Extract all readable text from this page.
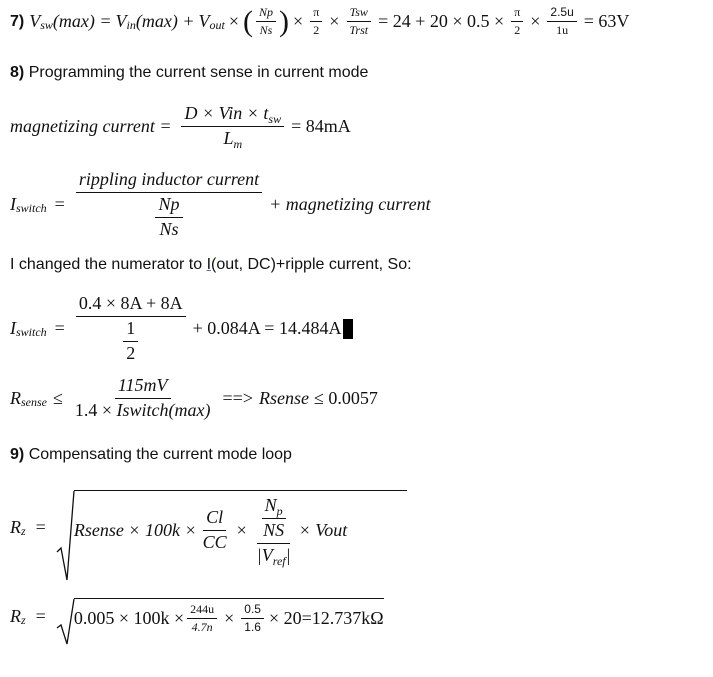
7) V sw (max) = V in (max) + V out × ( $\frac{Np}{Ns}$ ) × $\frac{\pi}{2} \times \frac{\text{Tsw}}{\text{Trst}} = 24 + 20 \times 0.5 \times \frac{\pi}{2} \times \frac{2.5u}{1u} = 63V$
8) Programming the current sense in current mode
magnetizing current = $\frac{D \times Vin \times t_{sw}}{L_m} = 84mA$
I switch = $\frac{\text{rippling inductor current}}{\frac{Np}{Ns}}$ + magnetizing current
I changed the numerator to I(out, DC)+ripple current, So:
I switch = $\frac{0.4 \times 8A + 8A}{\frac{1}{2}} + 0.084A = 14.484A$
R sense ≤ $\frac{115mV}{\text{1.4 × Iswitch(max)}}$ ==> Rsense ≤ 0.0057
9) Compensating the current mode loop
R z = Rsense × $100k \times \frac{Cl}{CC} \times \frac{\frac{N_p}{NS}}{|V_{ref}|}$ × Vout
R $z = 0.005 \times 100k \times \frac{244u}{4.7n} \times \frac{0.5}{1.6} \times 20=12.737k\Omega$
